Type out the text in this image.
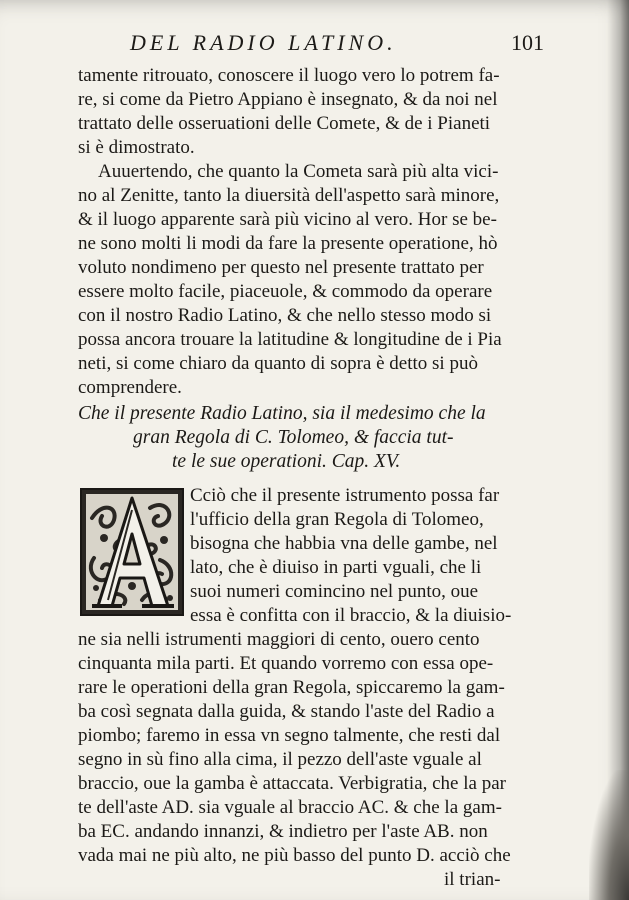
DEL RADIO LATINO.	101
tamente ritrouato, conoscere il luogo vero lo potrem fa-
re, si come da Pietro Appiano è insegnato, & da noi nel
trattato delle osseruationi delle Comete, & de i Pianeti
si è dimostrato.
Auuertendo, che quanto la Cometa sarà più alta vici-
no al Zenitte, tanto la diuersità dell'aspetto sarà minore,
& il luogo apparente sarà più vicino al vero. Hor se be-
ne sono molti li modi da fare la presente operatione, hò
voluto nondimeno per questo nel presente trattato per
essere molto facile, piaceuole, & commodo da operare
con il nostro Radio Latino, & che nello stesso modo si
possa ancora trouare la latitudine & longitudine de i Pia
neti, si come chiaro da quanto di sopra è detto si può
comprendere.
Che il presente Radio Latino, sia il medesimo che la
gran Regola di C. Tolomeo, & faccia tut-
te le sue operationi. Cap. XV.
Cciò che il presente istrumento possa far
l'ufficio della gran Regola di Tolomeo,
bisogna che habbia vna delle gambe, nel
lato, che è diuiso in parti vguali, che li
suoi numeri comincino nel punto, oue
essa è confitta con il braccio, & la diuisio-
ne sia nelli istrumenti maggiori di cento, ouero cento
cinquanta mila parti. Et quando vorremo con essa ope-
rare le operationi della gran Regola, spiccaremo la gam-
ba così segnata dalla guida, & stando l'aste del Radio a
piombo; faremo in essa vn segno talmente, che resti dal
segno in sù fino alla cima, il pezzo dell'aste vguale al
braccio, oue la gamba è attaccata. Verbigratia, che la par
te dell'aste AD. sia vguale al braccio AC. & che la gam-
ba EC. andando innanzi, & indietro per l'aste AB. non
vada mai ne più alto, ne più basso del punto D. acciò che
il trian-
